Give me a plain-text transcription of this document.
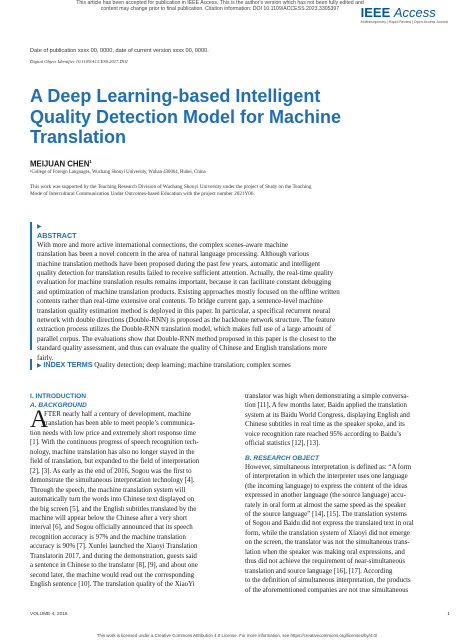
This article has been accepted for publication in IEEE Access. This is the author's version which has not been fully edited and
content may change prior to final publication. Citation information: DOI 10.1109/ACCESS.2023.3305397	IEEE Access
Multidisciplinary | Rapid Review | Open Access Journal
Date of publication xxxx 00, 0000, date of current version xxxx 00, 0000.
Digital Object Identifier 10.1109/ACCESS.2017.DOI
A Deep Learning-based Intelligent
Quality Detection Model for Machine
Translation
MEIJUAN CHEN$^1$
¹College of Foreign Languages, Wuchang Shouyi University, Wuhan 430064, Hubei, China
This work was supported by the Teaching Research Division of Wuchang Shouyi University under the project of Study on the Teaching
Mode of Intercultural Communication Under Outcomes-based Education with the project number 2021Y06.
▶
ABSTRACT
With more and more active international connections, the complex scenes-aware machine
translation has been a novel concern in the area of natural language processing. Although various
machine translation methods have been proposed during the past few years, automatic and intelligent
quality detection for translation results failed to receive sufficient attention. Actually, the real-time quality
evaluation for machine translation results remains important, because it can facilitate constant debugging
and optimization of machine translation products. Existing approaches mostly focused on the offline written
contents rather than real-time extensive oral contents. To bridge current gap, a sentence-level machine
translation quality estimation method is deployed in this paper. In particular, a specifical recurrent neural
network with double directions (Double-RNN) is proposed as the backbone network structure. The feature
extraction process utilizes the Double-RNN translation model, which makes full use of a large amount of
parallel corpus. The evaluations show that Double-RNN method proposed in this paper is the closest to the
standard quality assessment, and thus can evaluate the quality of Chinese and English translations more
fairly.
▶ INDEX TERMS Quality detection; deep learning; machine translation; complex scenes
I. INTRODUCTION
A. BACKGROUND
A
FTER nearly half a century of development, machine
translation has been able to meet people’s communica-
tion needs with low price and extremely short response time
[1]. With the continuous progress of speech recognition tech-
nology, machine translation has also no longer stayed in the
field of translation, but expanded to the field of interpretation
[2], [3]. As early as the end of 2016, Sogou was the first to
demonstrate the simultaneous interpretation technology [4].
Through the speech, the machine translation system will
automatically turn the words into Chinese text displayed on
the big screen [5], and the English subtitles translated by the
machine will appear below the Chinese after a very short
interval [6], and Sogou officially announced that its speech
recognition accuracy is 97% and the machine translation
accuracy is 90% [7]. Xunfei launched the Xiaoyi Translation
Translatorin 2017, and during the demonstration, guests said
a sentence in Chinese to the translator [8], [9], and about one
second later, the machine would read out the corresponding
English sentence [10]. The translation quality of the XiaoYi
translator was high when demonstrating a simple conversa-
tion [11]. A few months later, Baidu applied the translation
system at its Baidu World Congress, displaying English and
Chinese subtitles in real time as the speaker spoke, and its
voice recognition rate reached 95% according to Baidu’s
official statistics [12], [13].
B. RESEARCH OBJECT
However, simultaneous interpretation is defined as: “A form
of interpretation in which the interpreter uses one language
(the incoming language) to express the content of the ideas
expressed in another language (the source language) accu-
rately in oral form at almost the same speed as the speaker
of the source language” [14], [15]. The translation systems
of Sogou and Baidu did not express the translated text in oral
form, while the translation system of Xiaoyi did not emerge
on the screen, the translator was not the simultaneous trans-
lation when the speaker was making oral expressions, and
thus did not achieve the requirement of near-simultaneous
translation and source language [16], [17]. According
to the definition of simultaneous interpretation, the products
of the aforementioned companies are not true simultaneous
VOLUME 4, 2016	1
This work is licensed under a Creative Commons Attribution 4.0 License. For more information, see https://creativecommons.org/licenses/by/4.0/
